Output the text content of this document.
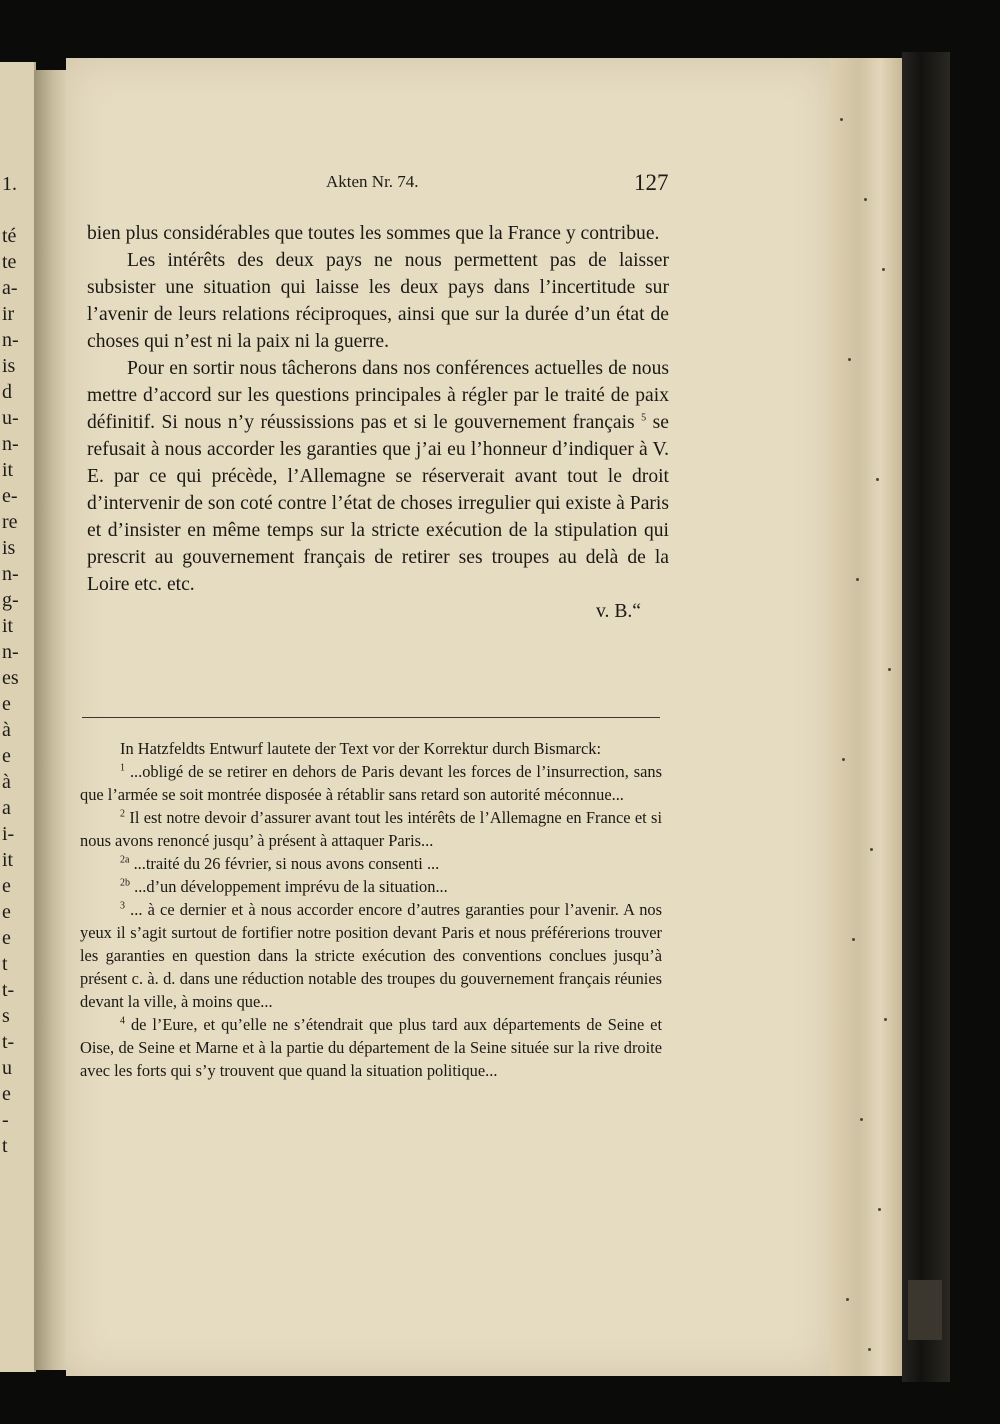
1.
té
te
a-
ir
n-
is
d
u-
n-
it
e-
re
is
n-
g-
it
n-
es
e
à
e
à
a
i-
it
e
e
e
t
t-
s
t-
u
e
-
t
Akten Nr. 74.	127

bien plus considérables que toutes les sommes que la France y contribue.

Les intérêts des deux pays ne nous permettent pas de laisser subsister une situation qui laisse les deux pays dans l’incertitude sur l’avenir de leurs relations réciproques, ainsi que sur la durée d’un état de choses qui n’est ni la paix ni la guerre.

Pour en sortir nous tâcherons dans nos conférences actuelles de nous mettre d’accord sur les questions principales à régler par le traité de paix définitif. Si nous n’y réussissions pas et si le gouvernement français $^5$ se refusait à nous accorder les garanties que j’ai eu l’honneur d’indiquer à V. E. par ce qui précède, l’Allemagne se réserverait avant tout le droit d’intervenir de son coté contre l’état de choses irregulier qui existe à Paris et d’insister en même temps sur la stricte exécution de la stipulation qui prescrit au gouvernement français de retirer ses troupes au delà de la Loire etc. etc.

v. B.“

In Hatzfeldts Entwurf lautete der Text vor der Korrektur durch Bismarck:

$^1$ ...obligé de se retirer en dehors de Paris devant les forces de l’insurrection, sans que l’armée se soit montrée disposée à rétablir sans retard son autorité méconnue...

$^2$ Il est notre devoir d’assurer avant tout les intérêts de l’Allemagne en France et si nous avons renoncé jusqu’ à présent à attaquer Paris...

$^{2a}$ ...traité du 26 février, si nous avons consenti ...

$^{2b}$ ...d’un développement imprévu de la situation...

$^3$ ... à ce dernier et à nous accorder encore d’autres garanties pour l’avenir. A nos yeux il s’agit surtout de fortifier notre position devant Paris et nous préférerions trouver les garanties en question dans la stricte exécution des conventions conclues jusqu’à présent c. à. d. dans une réduction notable des troupes du gouvernement français réunies devant la ville, à moins que...

$^4$ de l’Eure, et qu’elle ne s’étendrait que plus tard aux départements de Seine et Oise, de Seine et Marne et à la partie du département de la Seine située sur la rive droite avec les forts qui s’y trouvent que quand la situation politique...
